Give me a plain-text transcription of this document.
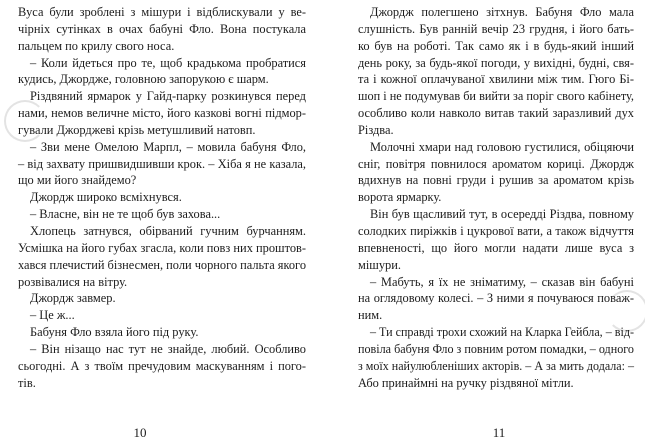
Вуса були зроблені з мішури і відблискували у ве-
чірніх сутінках в очах бабуні Фло. Вона постукала
пальцем по крилу свого носа.
– Коли йдеться про те, щоб крадькома пробратися
кудись, Джордже, головною запорукою є шарм.
Різдвяний ярмарок у Гайд-парку розкинувся перед
нами, немов величне місто, його казкові вогні підмор-
гували Джорджеві крізь метушливий натовп.
– Зви мене Омелою Марпл, – мовила бабуня Фло,
– від захвату пришвидшивши крок. – Хіба я не казала,
що ми його знайдемо?
Джордж широко всміхнувся.
– Власне, він не те щоб був захова...
Хлопець затнувся, обірваний гучним бурчанням.
Усмішка на його губах згасла, коли повз них проштов-
хався плечистий бізнесмен, поли чорного пальта якого
розвівалися на вітру.
Джордж завмер.
– Це ж...
Бабуня Фло взяла його під руку.
– Він нізащо нас тут не знайде, любий. Особливо
сьогодні. А з твоїм пречудовим маскуванням і пого-
тів.
10
Джордж полегшено зітхнув. Бабуня Фло мала
слушність. Був ранній вечір 23 грудня, і його бать-
ко був на роботі. Так само як і в будь-який інший
день року, за будь-якої погоди, у вихідні, будні, свя-
та і кожної оплачуваної хвилини між тим. Гюго Бі-
шоп і не подумував би вийти за поріг свого кабінету,
особливо коли навколо витав такий заразливий дух
Різдва.
Молочні хмари над головою густилися, обіцяючи
сніг, повітря повнилося ароматом кориці. Джордж
вдихнув на повні груди і рушив за ароматом крізь
ворота ярмарку.
Він був щасливий тут, в осередді Різдва, повному
солодких пиріжків і цукрової вати, а також відчуття
впевненості, що його могли надати лише вуса з
мішури.
– Мабуть, я їх не зніматиму, – сказав він бабуні
на оглядовому колесі. – З ними я почуваюся поваж-
ним.
– Ти справді трохи схожий на Кларка Гейбла, – від-
повіла бабуня Фло з повним ротом помадки, – одного
з моїх найулюбленіших акторів. – А за мить додала: –
Або принаймні на ручку різдвяної мітли.
11
